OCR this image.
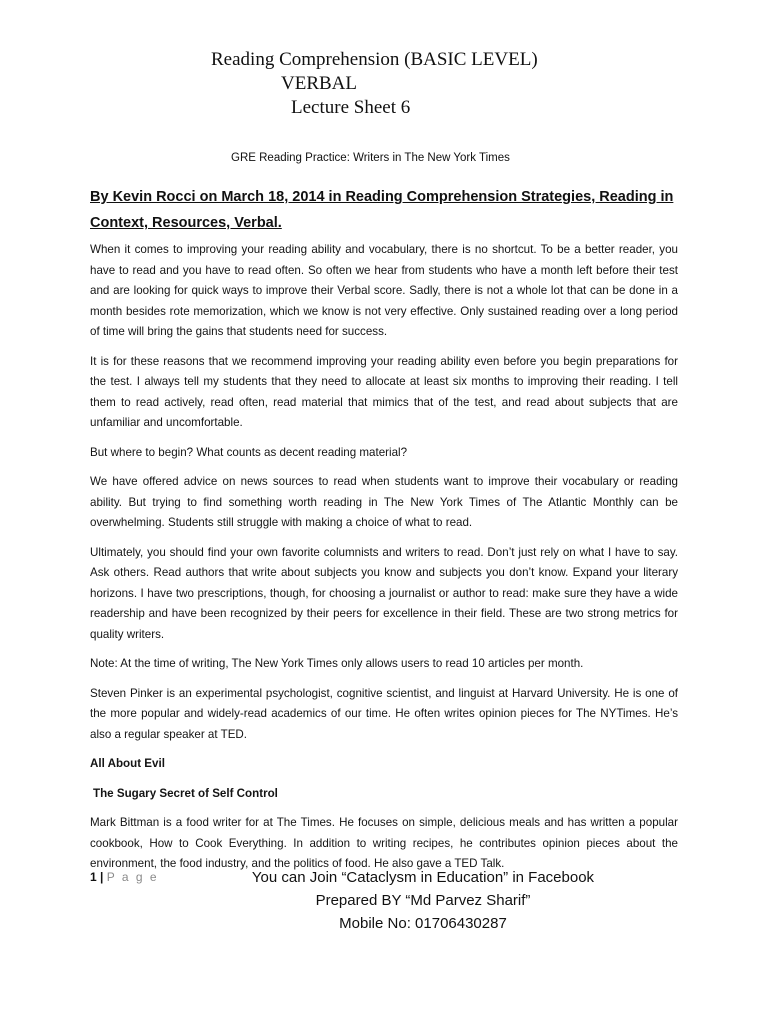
Reading Comprehension (BASIC LEVEL)
VERBAL
Lecture Sheet 6
GRE Reading Practice: Writers in The New York Times
By Kevin Rocci on March 18, 2014 in Reading Comprehension Strategies, Reading in Context, Resources, Verbal.

When it comes to improving your reading ability and vocabulary, there is no shortcut. To be a better reader, you have to read and you have to read often. So often we hear from students who have a month left before their test and are looking for quick ways to improve their Verbal score. Sadly, there is not a whole lot that can be done in a month besides rote memorization, which we know is not very effective. Only sustained reading over a long period of time will bring the gains that students need for success.

It is for these reasons that we recommend improving your reading ability even before you begin preparations for the test. I always tell my students that they need to allocate at least six months to improving their reading. I tell them to read actively, read often, read material that mimics that of the test, and read about subjects that are unfamiliar and uncomfortable.

But where to begin? What counts as decent reading material?

We have offered advice on news sources to read when students want to improve their vocabulary or reading ability. But trying to find something worth reading in The New York Times of The Atlantic Monthly can be overwhelming. Students still struggle with making a choice of what to read.

Ultimately, you should find your own favorite columnists and writers to read. Don’t just rely on what I have to say. Ask others. Read authors that write about subjects you know and subjects you don’t know. Expand your literary horizons. I have two prescriptions, though, for choosing a journalist or author to read: make sure they have a wide readership and have been recognized by their peers for excellence in their field. These are two strong metrics for quality writers.

Note: At the time of writing, The New York Times only allows users to read 10 articles per month.

Steven Pinker is an experimental psychologist, cognitive scientist, and linguist at Harvard University. He is one of the more popular and widely-read academics of our time. He often writes opinion pieces for The NYTimes. He’s also a regular speaker at TED.

All About Evil

The Sugary Secret of Self Control

Mark Bittman is a food writer for at The Times. He focuses on simple, delicious meals and has written a popular cookbook, How to Cook Everything. In addition to writing recipes, he contributes opinion pieces about the environment, the food industry, and the politics of food. He also gave a TED Talk.

1 | P a g e	You can Join “Cataclysm in Education” in Facebook
Prepared BY “Md Parvez Sharif”
Mobile No: 01706430287
